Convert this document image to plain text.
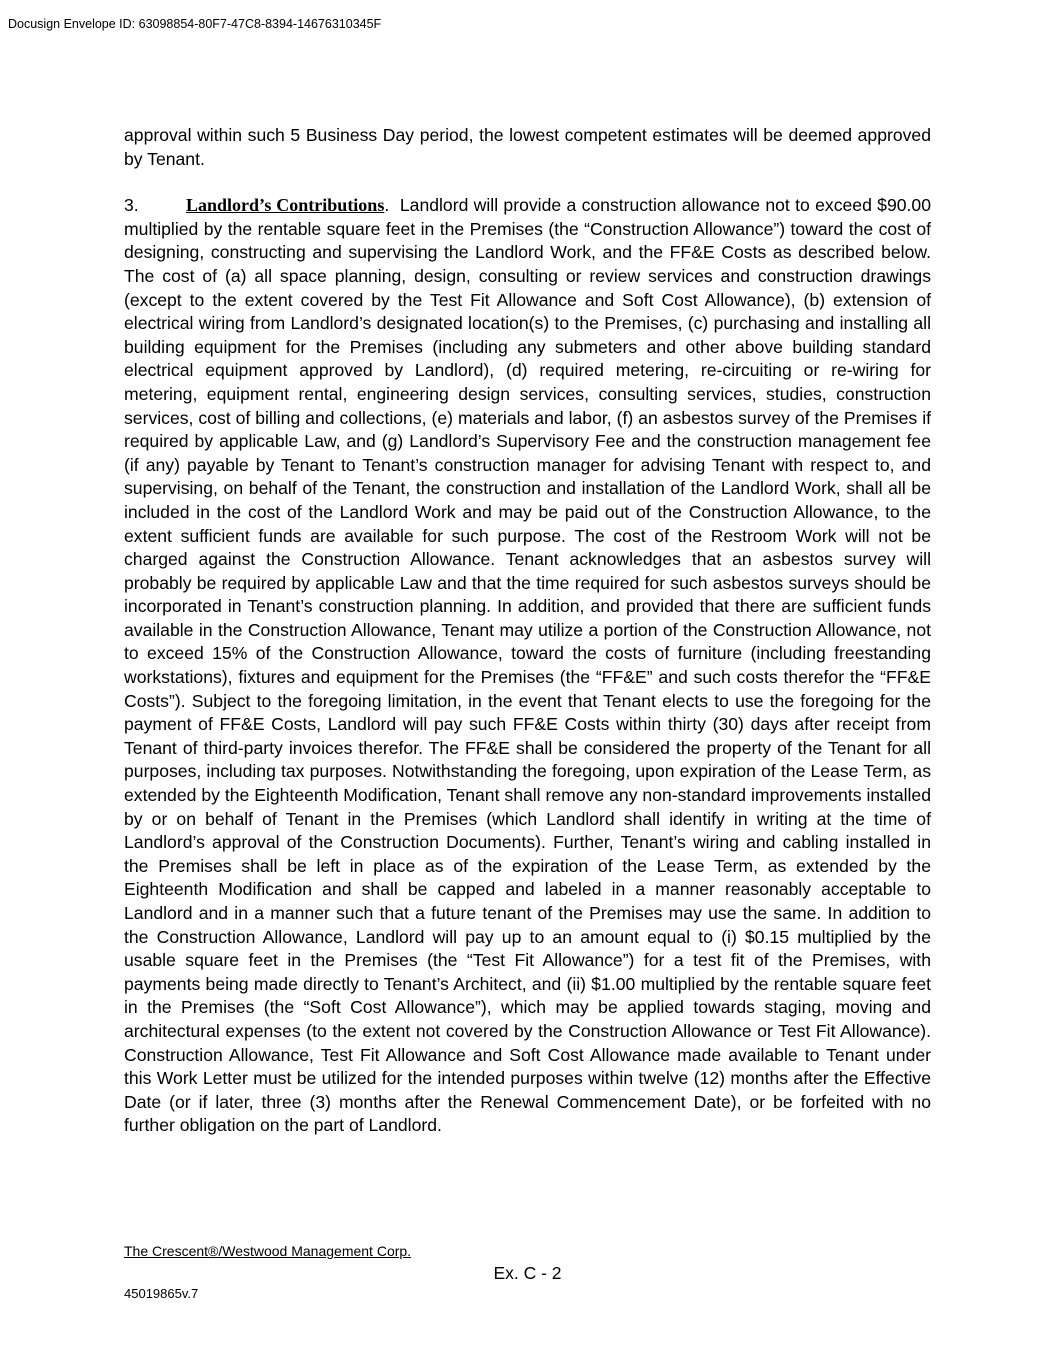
Docusign Envelope ID: 63098854-80F7-47C8-8394-14676310345F

approval within such 5 Business Day period, the lowest competent estimates will be deemed approved by Tenant.

3.	Landlord’s Contributions. Landlord will provide a construction allowance not to exceed $90.00 multiplied by the rentable square feet in the Premises (the “Construction Allowance”) toward the cost of designing, constructing and supervising the Landlord Work, and the FF&E Costs as described below. The cost of (a) all space planning, design, consulting or review services and construction drawings (except to the extent covered by the Test Fit Allowance and Soft Cost Allowance), (b) extension of electrical wiring from Landlord’s designated location(s) to the Premises, (c) purchasing and installing all building equipment for the Premises (including any submeters and other above building standard electrical equipment approved by Landlord), (d) required metering, re-circuiting or re-wiring for metering, equipment rental, engineering design services, consulting services, studies, construction services, cost of billing and collections, (e) materials and labor, (f) an asbestos survey of the Premises if required by applicable Law, and (g) Landlord’s Supervisory Fee and the construction management fee (if any) payable by Tenant to Tenant’s construction manager for advising Tenant with respect to, and supervising, on behalf of the Tenant, the construction and installation of the Landlord Work, shall all be included in the cost of the Landlord Work and may be paid out of the Construction Allowance, to the extent sufficient funds are available for such purpose. The cost of the Restroom Work will not be charged against the Construction Allowance. Tenant acknowledges that an asbestos survey will probably be required by applicable Law and that the time required for such asbestos surveys should be incorporated in Tenant’s construction planning. In addition, and provided that there are sufficient funds available in the Construction Allowance, Tenant may utilize a portion of the Construction Allowance, not to exceed 15% of the Construction Allowance, toward the costs of furniture (including freestanding workstations), fixtures and equipment for the Premises (the “FF&E” and such costs therefor the “FF&E Costs”). Subject to the foregoing limitation, in the event that Tenant elects to use the foregoing for the payment of FF&E Costs, Landlord will pay such FF&E Costs within thirty (30) days after receipt from Tenant of third-party invoices therefor. The FF&E shall be considered the property of the Tenant for all purposes, including tax purposes. Notwithstanding the foregoing, upon expiration of the Lease Term, as extended by the Eighteenth Modification, Tenant shall remove any non-standard improvements installed by or on behalf of Tenant in the Premises (which Landlord shall identify in writing at the time of Landlord’s approval of the Construction Documents). Further, Tenant’s wiring and cabling installed in the Premises shall be left in place as of the expiration of the Lease Term, as extended by the Eighteenth Modification and shall be capped and labeled in a manner reasonably acceptable to Landlord and in a manner such that a future tenant of the Premises may use the same. In addition to the Construction Allowance, Landlord will pay up to an amount equal to (i) $0.15 multiplied by the usable square feet in the Premises (the “Test Fit Allowance”) for a test fit of the Premises, with payments being made directly to Tenant’s Architect, and (ii) $1.00 multiplied by the rentable square feet in the Premises (the “Soft Cost Allowance”), which may be applied towards staging, moving and architectural expenses (to the extent not covered by the Construction Allowance or Test Fit Allowance). Construction Allowance, Test Fit Allowance and Soft Cost Allowance made available to Tenant under this Work Letter must be utilized for the intended purposes within twelve (12) months after the Effective Date (or if later, three (3) months after the Renewal Commencement Date), or be forfeited with no further obligation on the part of Landlord.

The Crescent®/Westwood Management Corp.
Ex. C - 2
45019865v.7
